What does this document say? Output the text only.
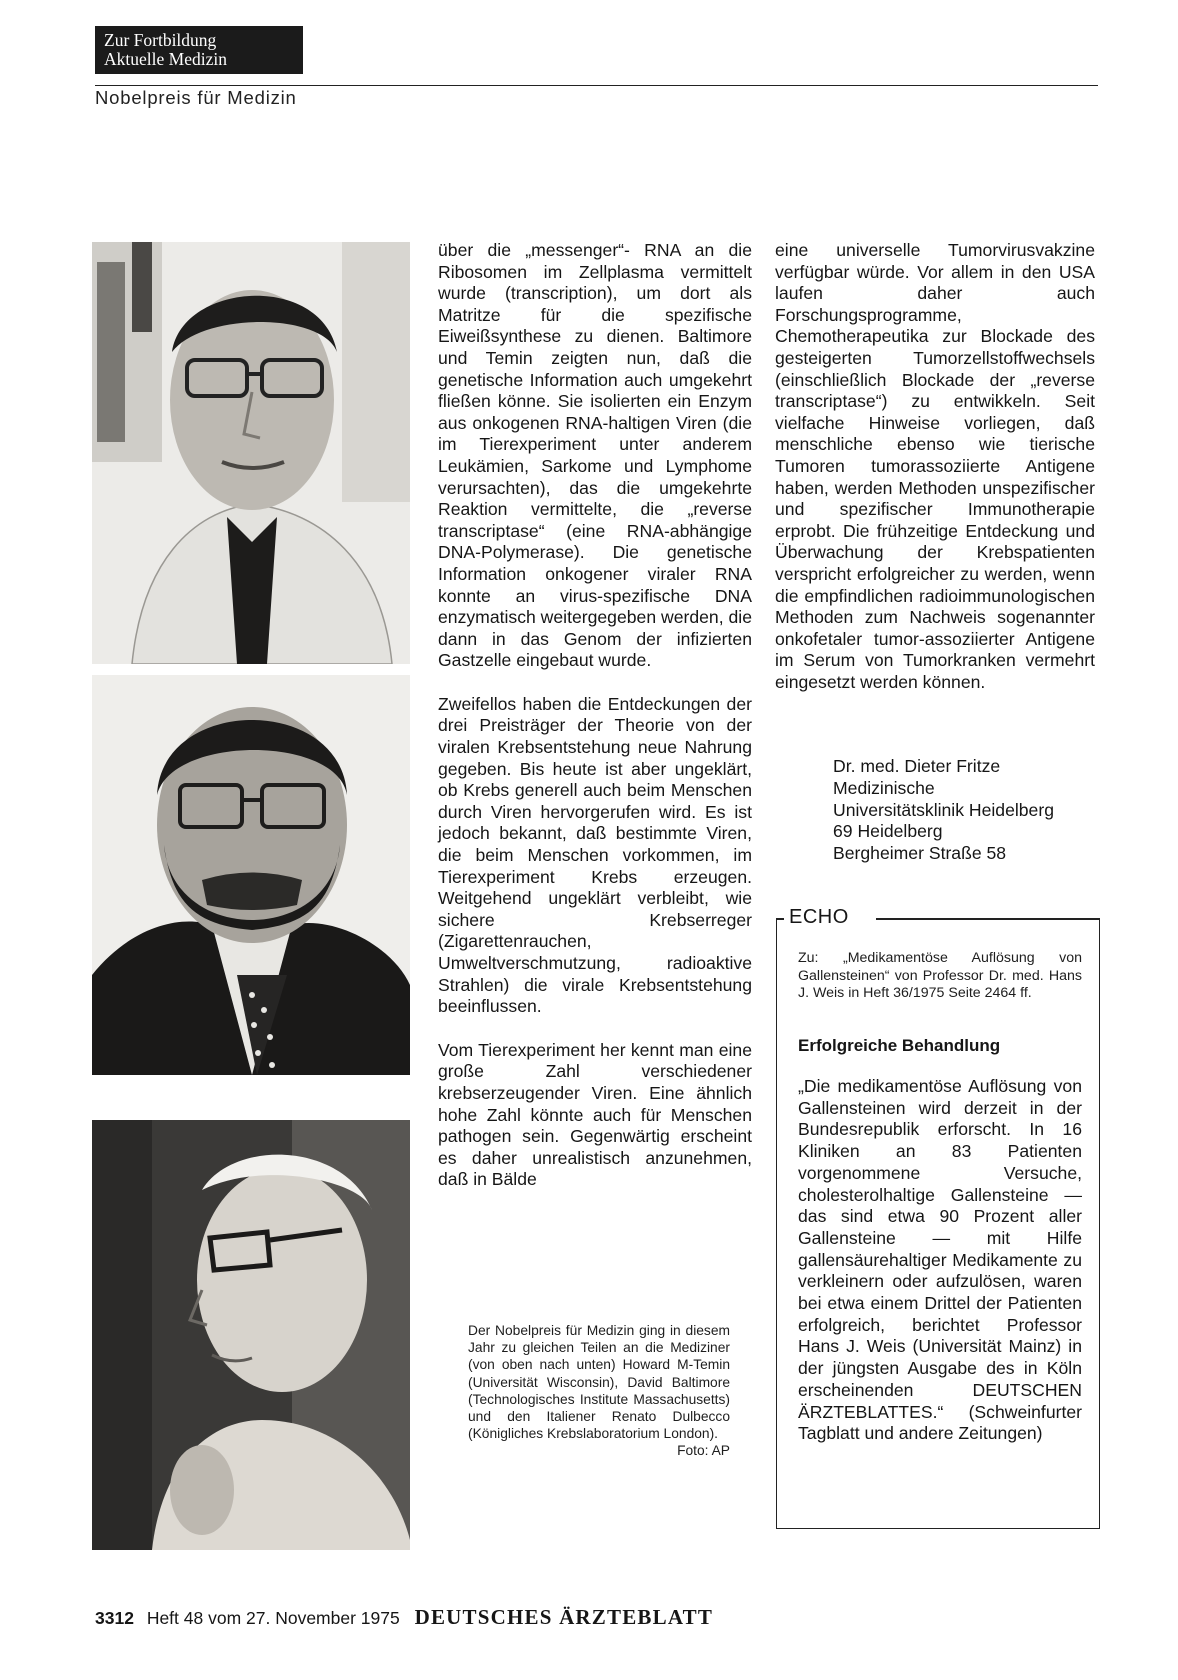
Zur Fortbildung
Aktuelle Medizin
Nobelpreis für Medizin

über die „messenger“- RNA an die Ribosomen im Zellplasma vermittelt wurde (transcription), um dort als Matritze für die spezifische Eiweißsynthese zu dienen. Baltimore und Temin zeigten nun, daß die genetische Information auch umgekehrt fließen könne. Sie isolierten ein Enzym aus onkogenen RNA-haltigen Viren (die im Tierexperiment unter anderem Leukämien, Sarkome und Lymphome verursachten), das die umgekehrte Reaktion vermittelte, die „reverse transcriptase“ (eine RNA-abhängige DNA-Polymerase). Die genetische Information onkogener viraler RNA konnte an virus-spezifische DNA enzymatisch weitergegeben werden, die dann in das Genom der infizierten Gastzelle eingebaut wurde.

Zweifellos haben die Entdeckungen der drei Preisträger der Theorie von der viralen Krebsentstehung neue Nahrung gegeben. Bis heute ist aber ungeklärt, ob Krebs generell auch beim Menschen durch Viren hervorgerufen wird. Es ist jedoch bekannt, daß bestimmte Viren, die beim Menschen vorkommen, im Tierexperiment Krebs erzeugen. Weitgehend ungeklärt verbleibt, wie sichere Krebserreger (Zigarettenrauchen, Umweltverschmutzung, radioaktive Strahlen) die virale Krebsentstehung beeinflussen.

Vom Tierexperiment her kennt man eine große Zahl verschiedener krebserzeugender Viren. Eine ähnlich hohe Zahl könnte auch für Menschen pathogen sein. Gegenwärtig erscheint es daher unrealistisch anzunehmen, daß in Bälde

Der Nobelpreis für Medizin ging in diesem Jahr zu gleichen Teilen an die Mediziner (von oben nach unten) Howard M-Temin (Universität Wisconsin), David Baltimore (Technologisches Institute Massachusetts) und den Italiener Renato Dulbecco (Königliches Krebslaboratorium London).
Foto: AP

eine universelle Tumorvirusvakzine verfügbar würde. Vor allem in den USA laufen daher auch Forschungsprogramme, Chemotherapeutika zur Blockade des gesteigerten Tumorzellstoffwechsels (einschließlich Blockade der „reverse transcriptase“) zu entwikkeln. Seit vielfache Hinweise vorliegen, daß menschliche ebenso wie tierische Tumoren tumorassoziierte Antigene haben, werden Methoden unspezifischer und spezifischer Immunotherapie erprobt. Die frühzeitige Entdeckung und Überwachung der Krebspatienten verspricht erfolgreicher zu werden, wenn die empfindlichen radioimmunologischen Methoden zum Nachweis sogenannter onkofetaler tumor-assoziierter Antigene im Serum von Tumorkranken vermehrt eingesetzt werden können.

Dr. med. Dieter Fritze
Medizinische
Universitätsklinik Heidelberg
69 Heidelberg
Bergheimer Straße 58
ECHO
Zu: „Medikamentöse Auflösung von Gallensteinen“ von Professor Dr. med. Hans J. Weis in Heft 36/1975 Seite 2464 ff.
Erfolgreiche Behandlung
„Die medikamentöse Auflösung von Gallensteinen wird derzeit in der Bundesrepublik erforscht. In 16 Kliniken an 83 Patienten vorgenommene Versuche, cholesterolhaltige Gallensteine — das sind etwa 90 Prozent aller Gallensteine — mit Hilfe gallensäurehaltiger Medikamente zu verkleinern oder aufzulösen, waren bei etwa einem Drittel der Patienten erfolgreich, berichtet Professor Hans J. Weis (Universität Mainz) in der jüngsten Ausgabe des in Köln erscheinenden DEUTSCHEN ÄRZTEBLATTES.“ (Schweinfurter Tagblatt und andere Zeitungen)
3312 Heft 48 vom 27. November 1975 DEUTSCHES ÄRZTEBLATT
